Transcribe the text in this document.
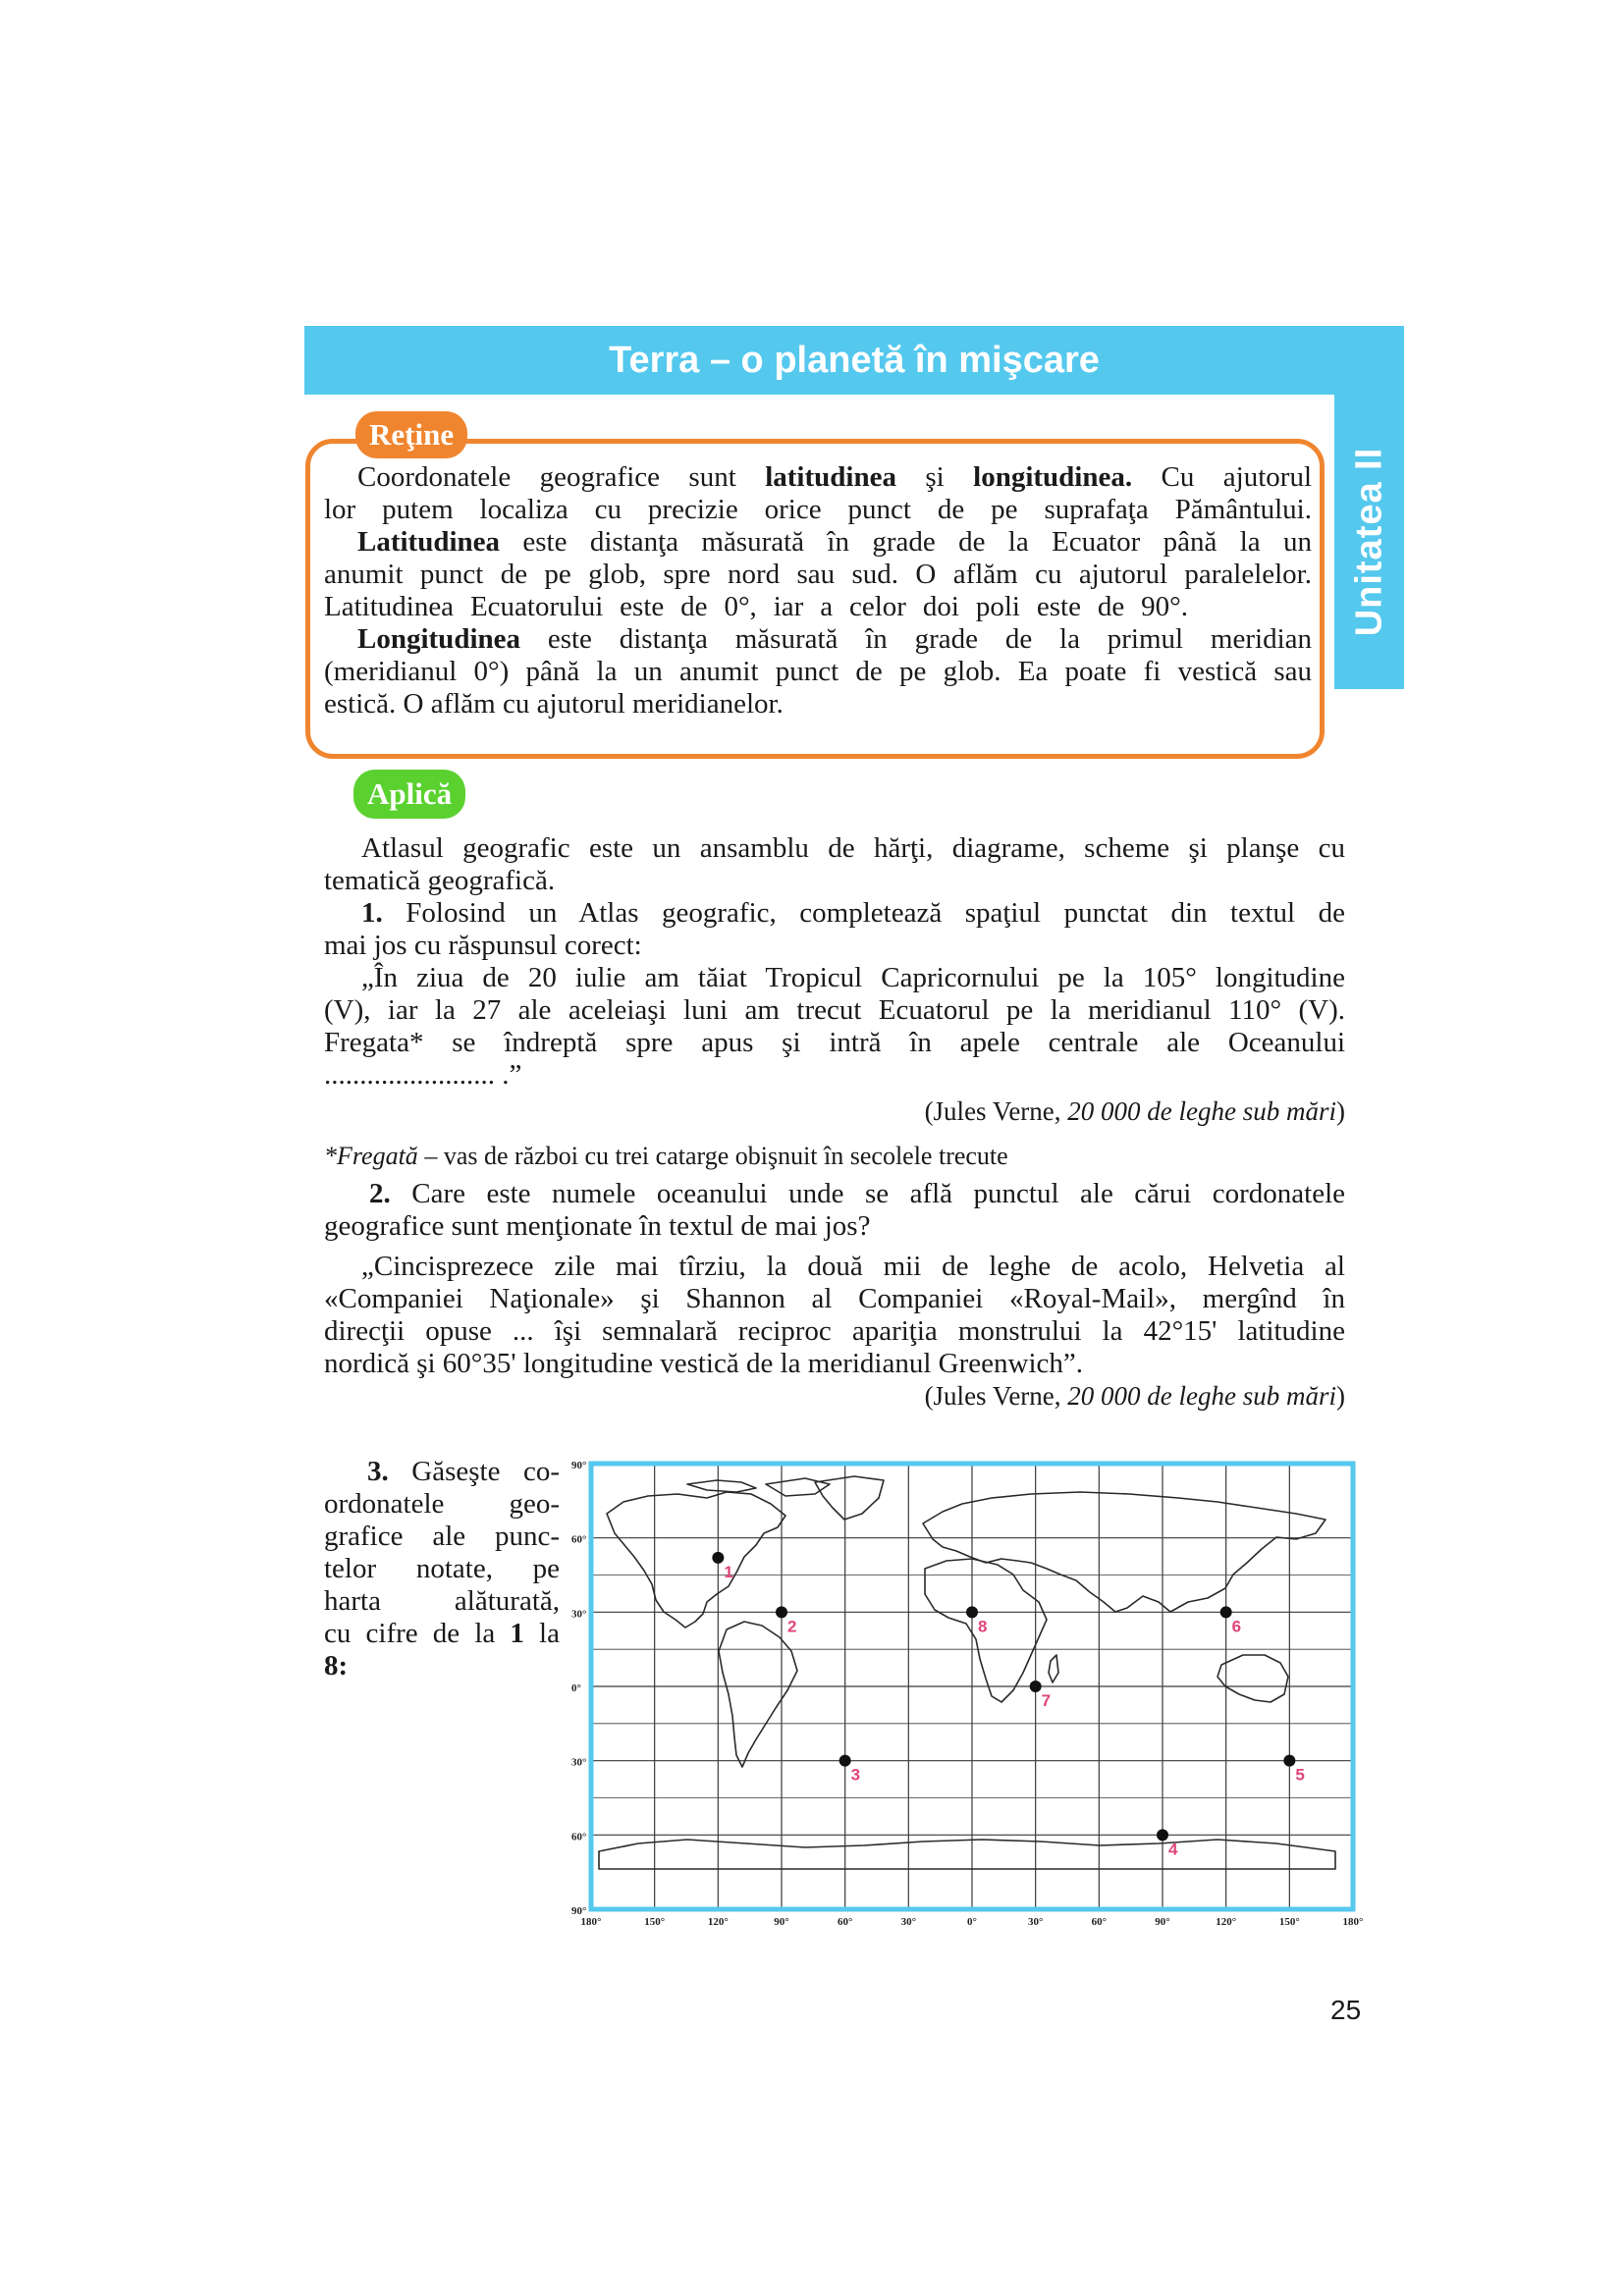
Terra – o planetă în mişcare
Unitatea II
Reţine
Coordonatele geografice sunt latitudinea şi longitudinea. Cu ajutorul
lor putem localiza cu precizie orice punct de pe suprafaţa Pământului.
Latitudinea este distanţa măsurată în grade de la Ecuator până la un
anumit punct de pe glob, spre nord sau sud. O aflăm cu ajutorul paralelelor.
Latitudinea Ecuatorului este de 0°, iar a celor doi poli este de 90°.
Longitudinea este distanţa măsurată în grade de la primul meridian
(meridianul 0°) până la un anumit punct de pe glob. Ea poate fi vestică sau
estică. O aflăm cu ajutorul meridianelor.
Aplică
Atlasul geografic este un ansamblu de hărţi, diagrame, scheme şi planşe cu
tematică geografică.
1. Folosind un Atlas geografic, completează spaţiul punctat din textul de
mai jos cu răspunsul corect:
„În ziua de 20 iulie am tăiat Tropicul Capricornului pe la 105° longitudine
(V), iar la 27 ale aceleiaşi luni am trecut Ecuatorul pe la meridianul 110° (V).
Fregata* se îndreptă spre apus şi intră în apele centrale ale Oceanului
........................ .”
(Jules Verne, 20 000 de leghe sub mări)
*Fregată – vas de război cu trei catarge obişnuit în secolele trecute
2. Care este numele oceanului unde se află punctul ale cărui cordonatele
geografice sunt menţionate în textul de mai jos?
„Cincisprezece zile mai tîrziu, la două mii de leghe de acolo, Helvetia al
«Companiei Naţionale» şi Shannon al Companiei «Royal-Mail», mergînd în
direcţii opuse ... îşi semnalară reciproc apariţia monstrului la 42°15' latitudine
nordică şi 60°35' longitudine vestică de la meridianul Greenwich”.
(Jules Verne, 20 000 de leghe sub mări)
3. Găseşte co-
ordonatele geo-
grafice ale punc-
telor notate, pe
harta alăturată,
cu cifre de la 1 la
8:
90°
60°
30°
0°
30°
60°
90°
180°	150°	120°	90°	60°	30°	0°	30°	60°	90°	120°	150°	180°
1
2
3
4
5
6
7
8
25
